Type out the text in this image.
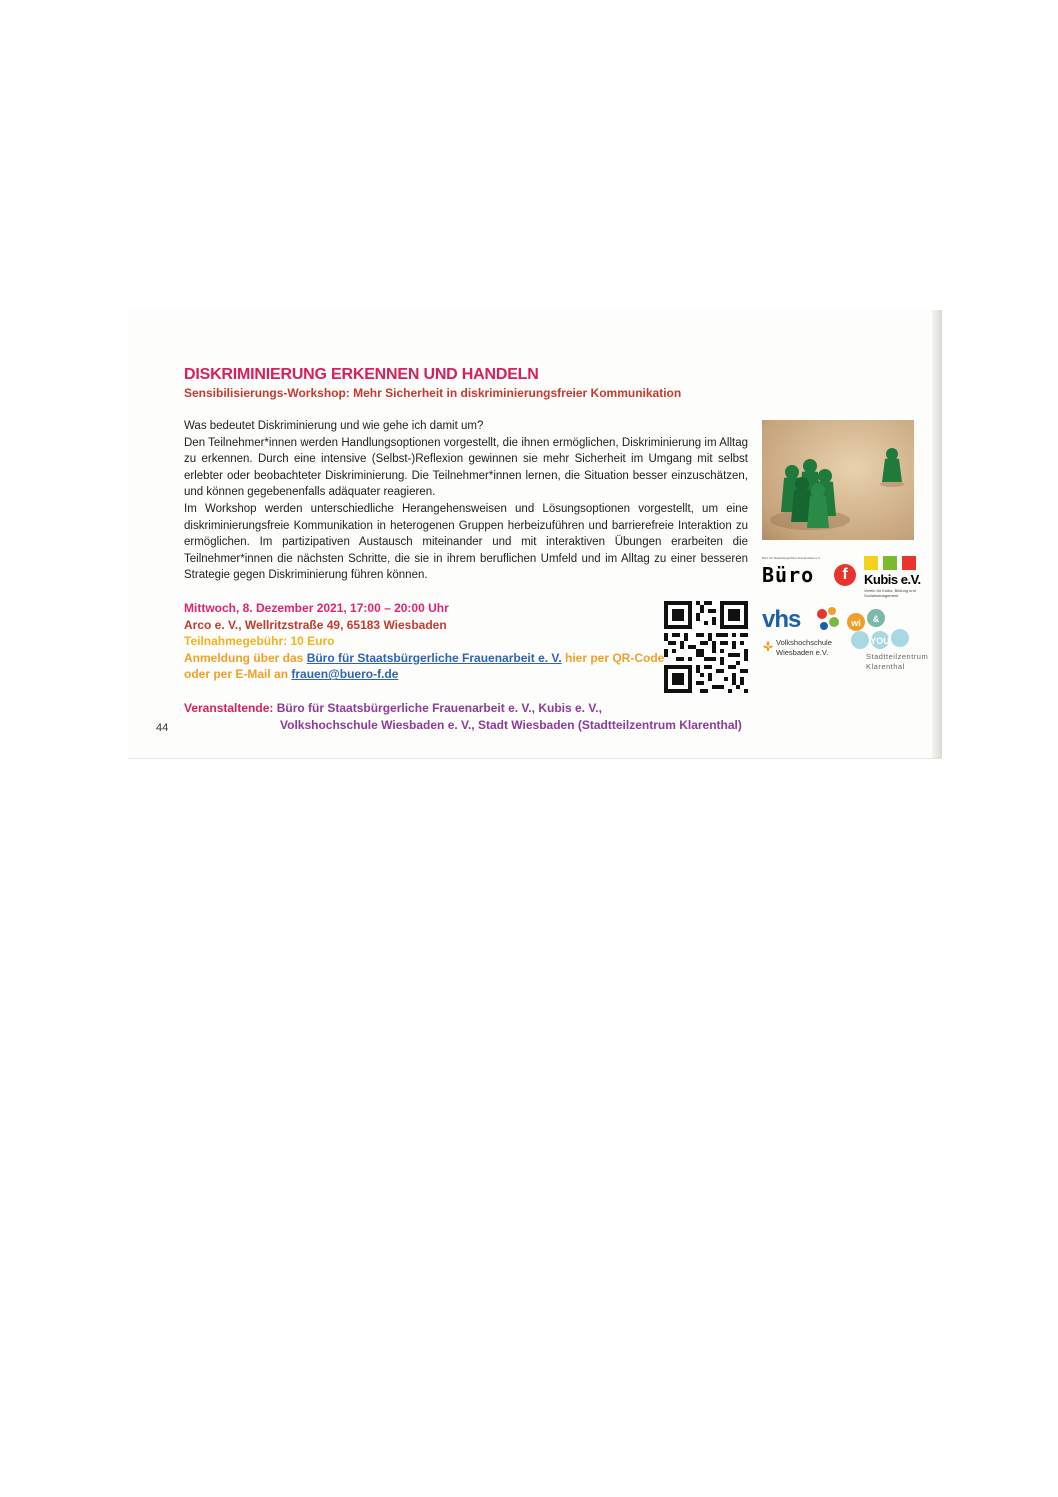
DISKRIMINIERUNG ERKENNEN UND HANDELN
Sensibilisierungs-Workshop: Mehr Sicherheit in diskriminierungsfreier Kommunikation

Was bedeutet Diskriminierung und wie gehe ich damit um?

Den Teilnehmer*innen werden Handlungsoptionen vorgestellt, die ihnen ermöglichen, Diskriminierung im Alltag zu erkennen. Durch eine intensive (Selbst-)Reflexion gewinnen sie mehr Sicherheit im Umgang mit selbst erlebter oder beobachteter Diskriminierung. Die Teilnehmer*innen lernen, die Situation besser einzuschätzen, und können gegebenenfalls adäquater reagieren.

Im Workshop werden unterschiedliche Herangehensweisen und Lösungsoptionen vorgestellt, um eine diskriminierungsfreie Kommunikation in heterogenen Gruppen herbeizuführen und barrierefreie Interaktion zu ermöglichen. Im partizipativen Austausch miteinander und mit interaktiven Übungen erarbeiten die Teilnehmer*innen die nächsten Schritte, die sie in ihrem beruflichen Umfeld und im Alltag zu einer besseren Strategie gegen Diskriminierung führen können.

Büro für Staatsbürgerliche Frauenarbeit e.V.
Büro	f	Kubis e.V.
Verein für Kultur, Bildung und Sozialmanagement
vhs
Volkshochschule
Wiesbaden e.V.
wi &
YOU
Stadtteilzentrum
Klarenthal
Mittwoch, 8. Dezember 2021, 17:00 – 20:00 Uhr
Arco e. V., Wellritzstraße 49, 65183 Wiesbaden
Teilnahmegebühr: 10 Euro
Anmeldung über das Büro für Staatsbürgerliche Frauenarbeit e. V. hier per QR-Code
oder per E-Mail an frauen@buero-f.de
Veranstaltende: Büro für Staatsbürgerliche Frauenarbeit e. V., Kubis e. V.,
Volkshochschule Wiesbaden e. V., Stadt Wiesbaden (Stadtteilzentrum Klarenthal)
44
